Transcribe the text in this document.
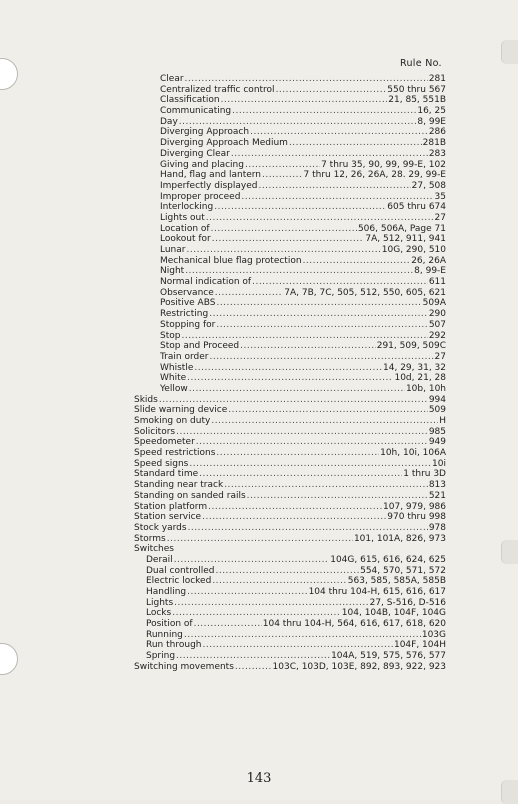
Rule No.
Clear .....	281
Centralized traffic control .....	550 thru 567
Classification .....	21, 85, 551B
Communicating .....	16, 25
Day .....	8, 99E
Diverging Approach .....	286
Diverging Approach Medium .....	281B
Diverging Clear .....	283
Giving and placing .....	7 thru 35, 90, 99, 99-E, 102
Hand, flag and lantern .....	7 thru 12, 26, 26A, 28. 29, 99-E
Imperfectly displayed .....	27, 508
Improper proceed .....	35
Interlocking .....	605 thru 674
Lights out .....	27
Location of .....	506, 506A, Page 71
Lookout for .....	7A, 512, 911, 941
Lunar .....	10G, 290, 510
Mechanical blue flag protection .....	26, 26A
Night .....	8, 99-E
Normal indication of .....	611
Observance .....	7A, 7B, 7C, 505, 512, 550, 605, 621
Positive ABS .....	509A
Restricting .....	290
Stopping for .....	507
Stop .....	292
Stop and Proceed .....	291, 509, 509C
Train order .....	27
Whistle .....	14, 29, 31, 32
White .....	10d, 21, 28
Yellow .....	10b, 10h
Skids .....	994
Slide warning device .....	509
Smoking on duty .....	H
Solicitors .....	985
Speedometer .....	949
Speed restrictions .....	10h, 10i, 106A
Speed signs .....	10i
Standard time .....	1 thru 3D
Standing near track .....	813
Standing on sanded rails .....	521
Station platform .....	107, 979, 986
Station service .....	970 thru 998
Stock yards .....	978
Storms .....	101, 101A, 826, 973
Switches
Derail .....	104G, 615, 616, 624, 625
Dual controlled .....	554, 570, 571, 572
Electric locked .....	563, 585, 585A, 585B
Handling .....	104 thru 104-H, 615, 616, 617
Lights .....	27, S-516, D-516
Locks .....	104, 104B, 104F, 104G
Position of .....	104 thru 104-H, 564, 616, 617, 618, 620
Running .....	103G
Run through .....	104F, 104H
Spring .....	104A, 519, 575, 576, 577
Switching movements .....	103C, 103D, 103E, 892, 893, 922, 923
143
